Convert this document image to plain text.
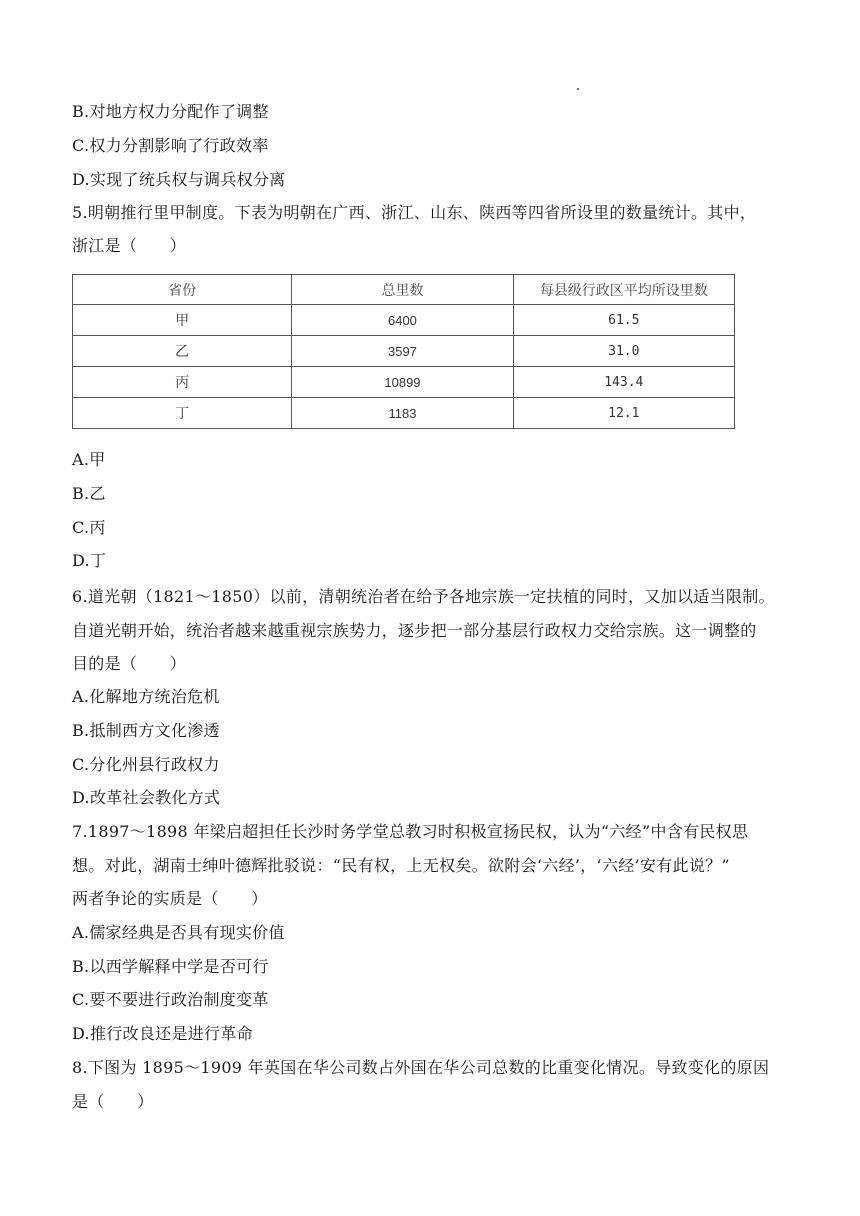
B.对地方权力分配作了调整
C.权力分割影响了行政效率
D.实现了统兵权与调兵权分离
5.明朝推行里甲制度。下表为明朝在广西、浙江、山东、陕西等四省所设里的数量统计。其中，
浙江是（　　）
省份	总里数	每县级行政区平均所设里数
甲	6400	61.5
乙	3597	31.0
丙	10899	143.4
丁	1183	12.1
A.甲
B.乙
C.丙
D.丁
6.道光朝（1821～1850）以前，清朝统治者在给予各地宗族一定扶植的同时，又加以适当限制。
自道光朝开始，统治者越来越重视宗族势力，逐步把一部分基层行政权力交给宗族。这一调整的
目的是（　　）
A.化解地方统治危机
B.抵制西方文化渗透
C.分化州县行政权力
D.改革社会教化方式
7.1897～1898 年梁启超担任长沙时务学堂总教习时积极宣扬民权，认为“六经”中含有民权思
想。对此，湖南士绅叶德辉批驳说：“民有权，上无权矣。欲附会‘六经’，‘六经’安有此说？”
两者争论的实质是（　　）
A.儒家经典是否具有现实价值
B.以西学解释中学是否可行
C.要不要进行政治制度变革
D.推行改良还是进行革命
8.下图为 1895～1909 年英国在华公司数占外国在华公司总数的比重变化情况。导致变化的原因
是（　　）
